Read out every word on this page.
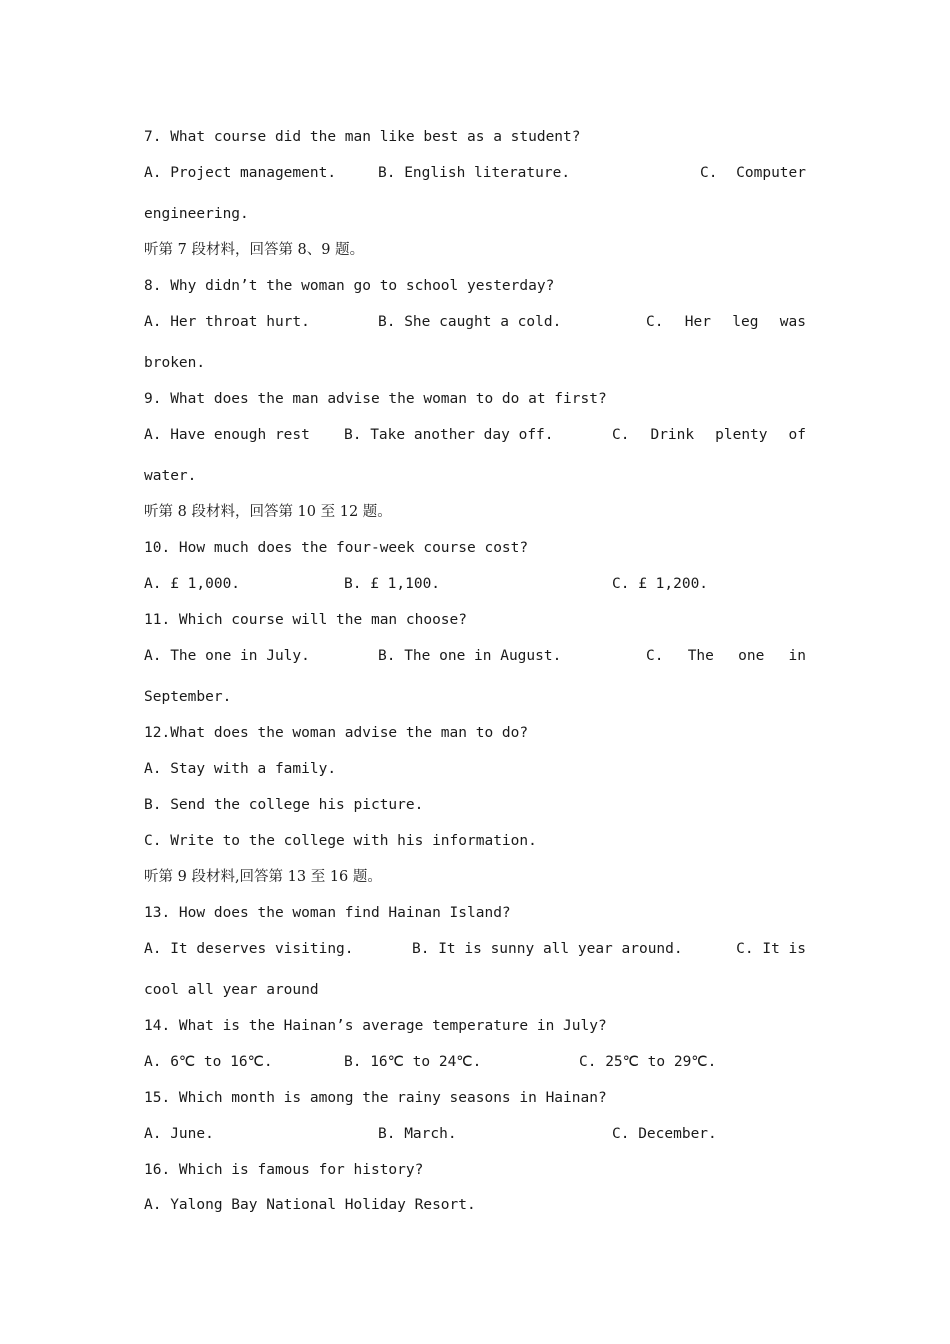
7. What course did the man like best as a student?
A. Project management.	B. English literature.	C. Computer
engineering.
听第 7 段材料，回答第 8、9 题。
8. Why didn’t the woman go to school yesterday?
A. Her throat hurt.	B. She caught a cold.	C. Her leg was
broken.
9. What does the man advise the woman to do at first?
A. Have enough rest B. Take another day off.	C. Drink plenty of
water.
听第 8 段材料，回答第 10 至 12 题。
10. How much does the four-week course cost?
A. £ 1,000.	B. £ 1,100.	C. £ 1,200.
11. Which course will the man choose?
A. The one in July.	B. The one in August.	C. The one in
September.
12.What does the woman advise the man to do?
A. Stay with a family.
B. Send the college his picture.
C. Write to the college with his information.
听第 9 段材料,回答第 13 至 16 题。
13. How does the woman find Hainan Island?
A. It deserves visiting.	B. It is sunny all year around.	C. It is
cool all year around
14. What is the Hainan’s average temperature in July?
A. 6℃ to 16℃.	B. 16℃ to 24℃.	C. 25℃ to 29℃.
15. Which month is among the rainy seasons in Hainan?
A. June.	B. March.	C. December.
16. Which is famous for history?
A. Yalong Bay National Holiday Resort.
